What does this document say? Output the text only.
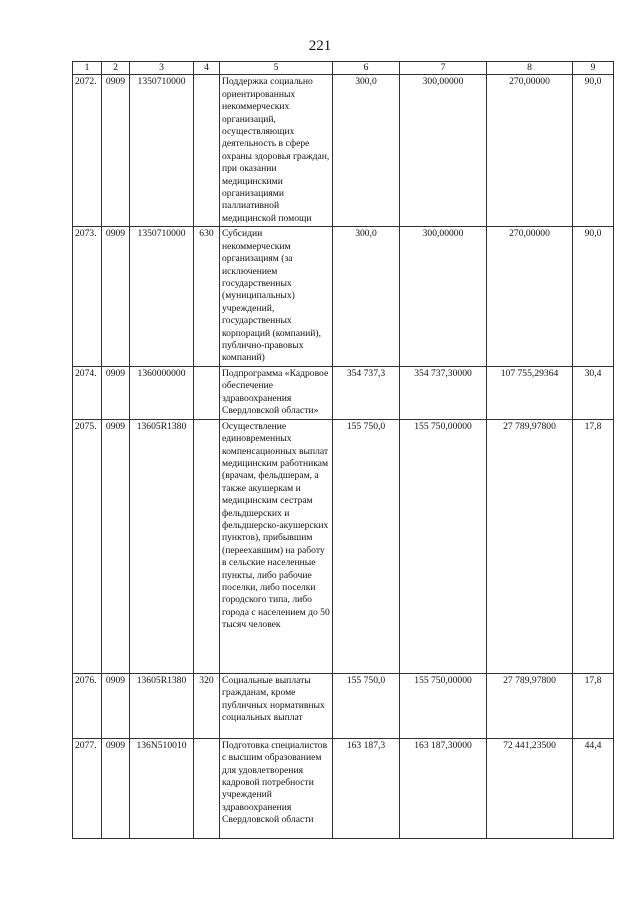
221
1	2	3	4	5	6	7	8	9
2072.	0909	1350710000		Поддержка социально ориентированных некоммерческих организаций, осуществляющих деятельность в сфере охраны здоровья граждан, при оказании медицинскими организациями паллиативной медицинской помощи	300,0	300,00000	270,00000	90,0
2073.	0909	1350710000	630	Субсидии некоммерческим организациям (за исключением государственных (муниципальных) учреждений, государственных корпораций (компаний), публично-правовых компаний)	300,0	300,00000	270,00000	90,0
2074.	0909	1360000000		Подпрограмма «Кадровое обеспечение здравоохранения Свердловской области»	354 737,3	354 737,30000	107 755,29364	30,4
2075.	0909	13605R1380		Осуществление единовременных компенсационных выплат медицинским работникам (врачам, фельдшерам, а также акушеркам и медицинским сестрам фельдшерских и фельдшерско-акушерских пунктов), прибывшим (переехавшим) на работу в сельские населенные пункты, либо рабочие поселки, либо поселки городского типа, либо города с населением до 50 тысяч человек	155 750,0	155 750,00000	27 789,97800	17,8
2076.	0909	13605R1380	320	Социальные выплаты гражданам, кроме публичных нормативных социальных выплат	155 750,0	155 750,00000	27 789,97800	17,8
2077.	0909	136N510010		Подготовка специалистов с высшим образованием для удовлетворения кадровой потребности учреждений здравоохранения Свердловской области	163 187,3	163 187,30000	72 441,23500	44,4
